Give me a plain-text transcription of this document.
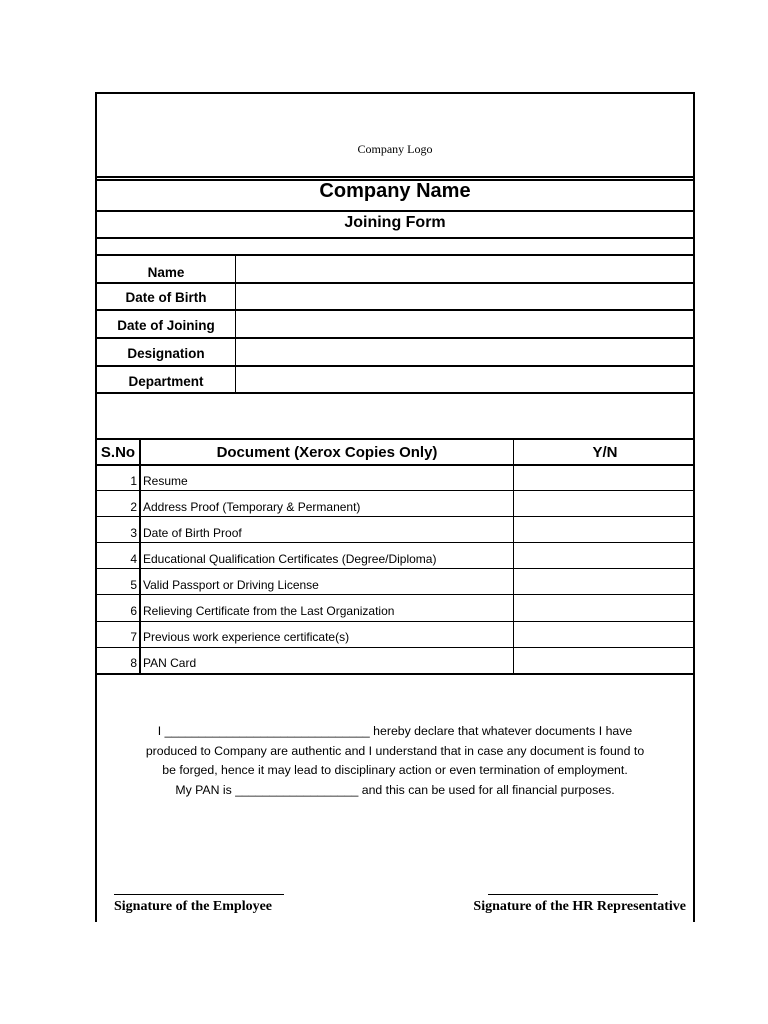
Company Logo
Company Name
Joining Form
Name
Date of Birth
Date of Joining
Designation
Department
S.No	Document (Xerox Copies Only)	Y/N
1 Resume
2 Address Proof (Temporary & Permanent)
3 Date of Birth Proof
4 Educational Qualification Certificates (Degree/Diploma)
5 Valid Passport or Driving License
6 Relieving Certificate from the Last Organization
7 Previous work experience certificate(s)
8 PAN Card
I ______________________________ hereby declare that whatever documents I have
produced to Company are authentic and I understand that in case any document is found to
be forged, hence it may lead to disciplinary action or even termination of employment.
My PAN is __________________ and this can be used for all financial purposes.
Signature of the Employee	Signature of the HR Representative
